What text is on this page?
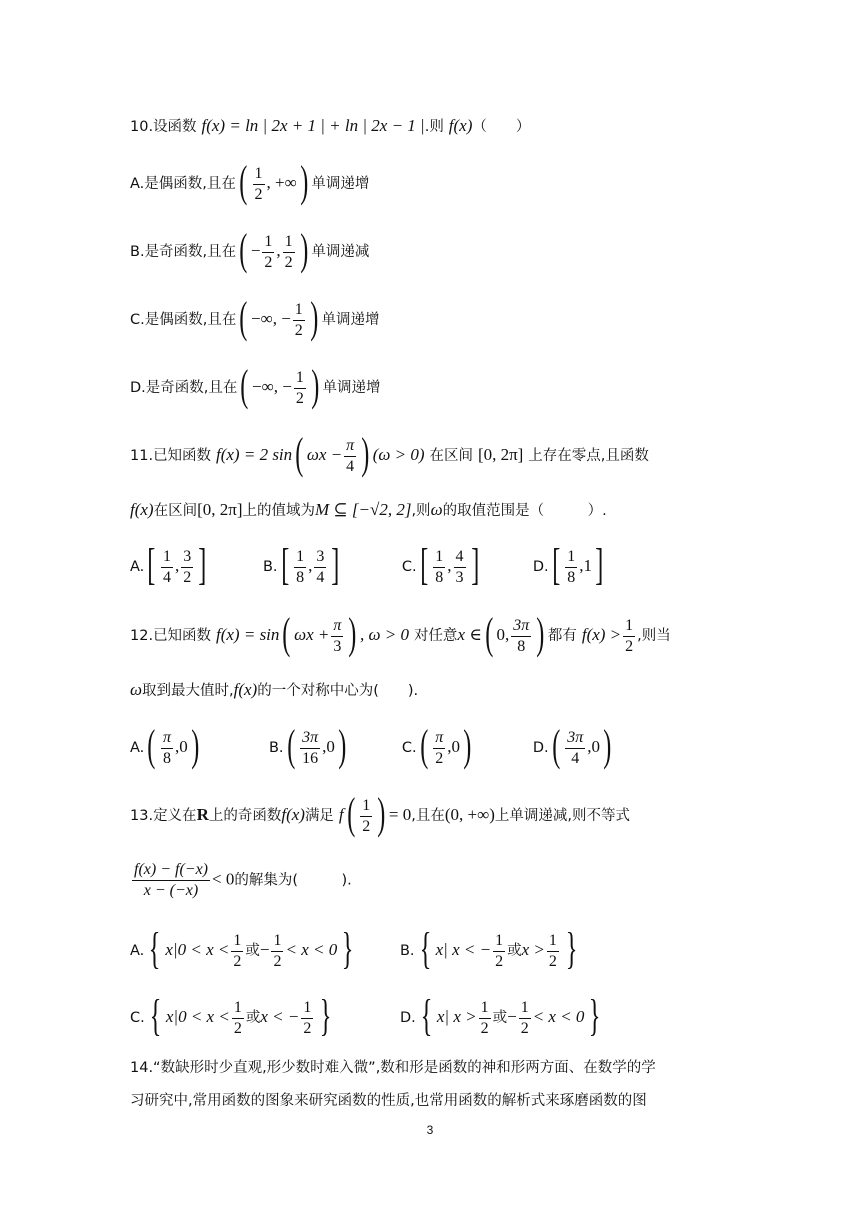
10.设函数 f(x) = ln | 2x + 1 | + ln | 2x − 1 |.则 f(x)（　　）
A.是偶函数,且在( $\frac{1}{2}$ , +∞) 单调递增
B.是奇函数,且在( − $\frac{1}{2}$ , $\frac{1}{2}$ ) 单调递减
C.是偶函数,且在( −∞, − $\frac{1}{2}$ ) 单调递增
D.是奇函数,且在( −∞, − $\frac{1}{2}$ ) 单调递增
11.已知函数 f(x) = 2 sin( $\omega x - \frac{\pi}{4}$ ) (ω > 0) 在区间 [0, 2π] 上存在零点,且函数
f(x)在区间[0, 2π]上的值域为M ⊆ [−√2, 2],则ω的取值范围是（　　　）.
$A.[ \frac{1}{4}$ , $\frac{3}{2}$ ]	$B.[ \frac{1}{8}$ , $\frac{3}{4}$ ]	$C.[ \frac{1}{8}$ , $\frac{4}{3}$ ]	$D.[ \frac{1}{8} ,1]$
12.已知函数 f(x) = sin( $\omega x + \frac{\pi}{3}$ ) , ω > 0 对任意x ∈( 0, $\frac{3\pi}{8}$ ) 都有 $f(x) > \frac{1}{2}$ ,则当
ω取到最大值时,f(x)的一个对称中心为(　　).
$A.( \frac{\pi}{8} ,0)$	$B.( \frac{3\pi}{16} ,0)$	$C.( \frac{\pi}{2} ,0)$	$D.( \frac{3\pi}{4} ,0)$
13.定义在R上的奇函数f(x)满足 $f( \frac{1}{2}$ ) = 0,且在(0, +∞)上单调递减,则不等式
$\frac{f(x) - f(-x)}{x - (-x)} < 0$的解集为(　　　).
A. { $x|0 < x < \frac{1}{2}$ 或− $\frac{1}{2} < x < 0$ }	B. { x| x < − $\frac{1}{2}$ 或$x > \frac{1}{2}$ }
C. { $x|0 < x < \frac{1}{2}$ 或x < − $\frac{1}{2}$ }	D. { x| $x > \frac{1}{2}$ 或− $\frac{1}{2} < x < 0$ }
14.“数缺形时少直观,形少数时难入微”,数和形是函数的神和形两方面、在数学的学
习研究中,常用函数的图象来研究函数的性质,也常用函数的解析式来琢磨函数的图
3
